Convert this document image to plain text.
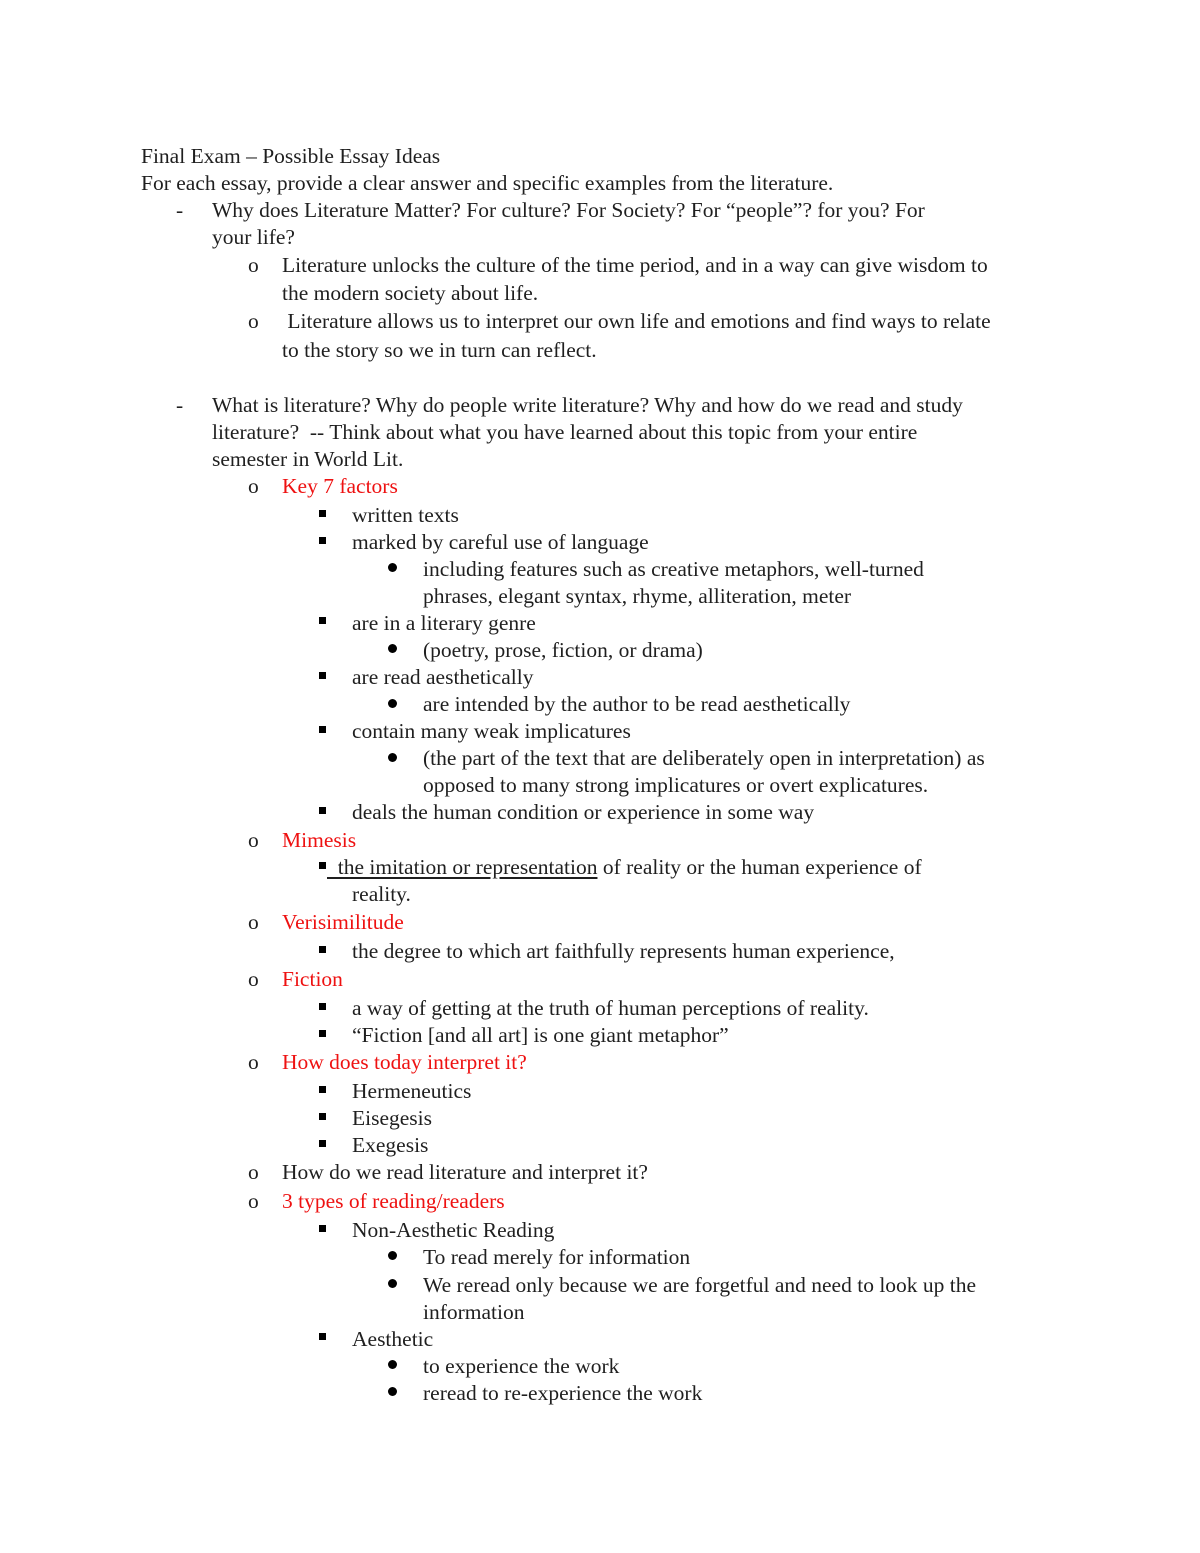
Final Exam – Possible Essay Ideas
For each essay, provide a clear answer and specific examples from the literature.
- Why does Literature Matter? For culture? For Society? For “people”? for you? For
your life?
o Literature unlocks the culture of the time period, and in a way can give wisdom to
the modern society about life.
o Literature allows us to interpret our own life and emotions and find ways to relate
to the story so we in turn can reflect.
- What is literature? Why do people write literature? Why and how do we read and study
literature?  -- Think about what you have learned about this topic from your entire
semester in World Lit.
o Key 7 factors
written texts
marked by careful use of language
including features such as creative metaphors, well-turned
phrases, elegant syntax, rhyme, alliteration, meter
are in a literary genre
(poetry, prose, fiction, or drama)
are read aesthetically
are intended by the author to be read aesthetically
contain many weak implicatures
(the part of the text that are deliberately open in interpretation) as
opposed to many strong implicatures or overt explicatures.
deals the human condition or experience in some way
o Mimesis
the imitation or representation of reality or the human experience of
reality.
o Verisimilitude
the degree to which art faithfully represents human experience,
o Fiction
a way of getting at the truth of human perceptions of reality.
“Fiction [and all art] is one giant metaphor”
o How does today interpret it?
Hermeneutics
Eisegesis
Exegesis
o How do we read literature and interpret it?
o 3 types of reading/readers
Non-Aesthetic Reading
To read merely for information
We reread only because we are forgetful and need to look up the
information
Aesthetic
to experience the work
reread to re-experience the work
